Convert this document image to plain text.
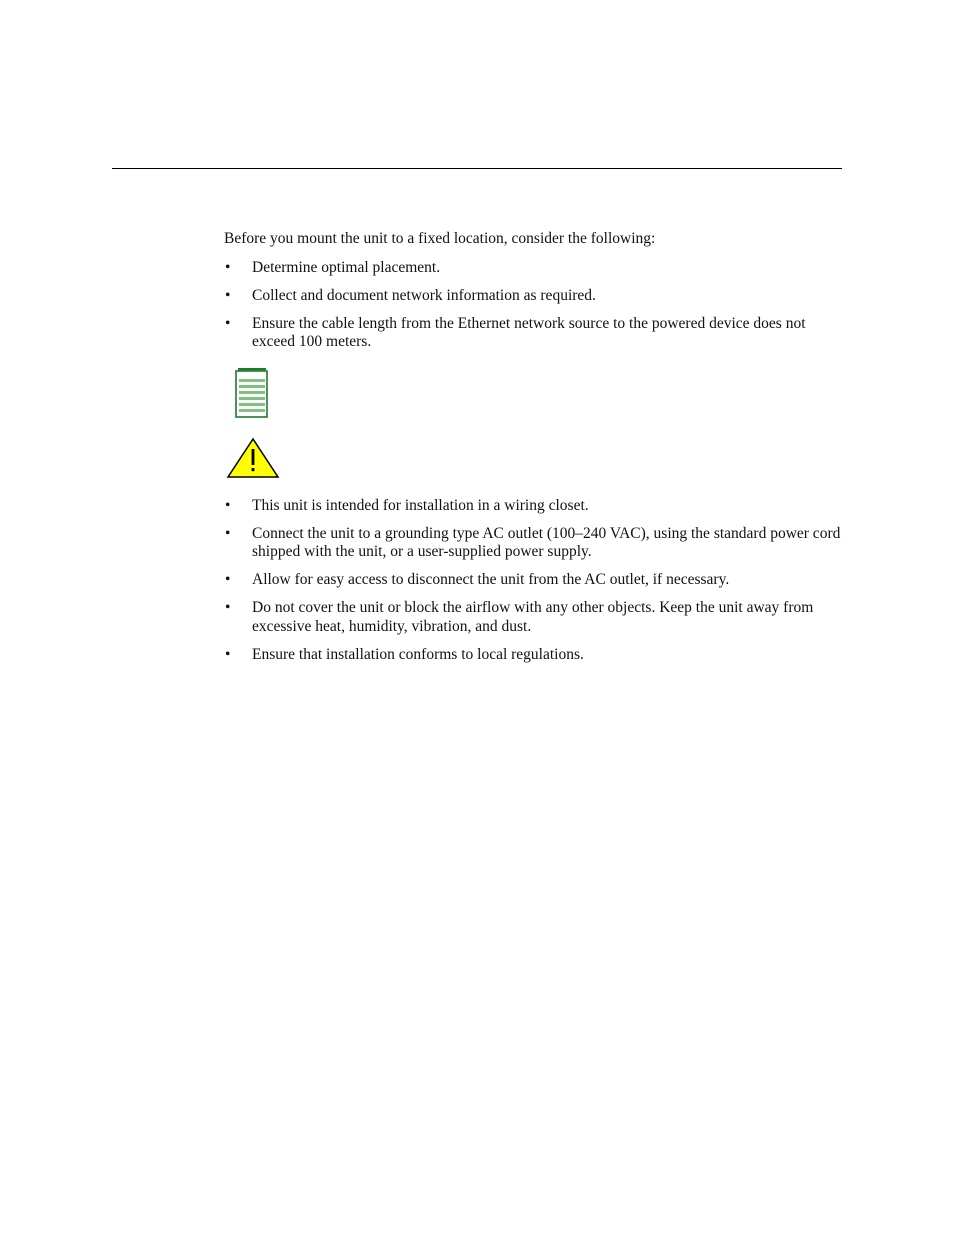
Before you mount the unit to a fixed location, consider the following:

• Determine optimal placement.
• Collect and document network information as required.
• Ensure the cable length from the Ethernet network source to the powered device does not exceed 100 meters.
• This unit is intended for installation in a wiring closet.
• Connect the unit to a grounding type AC outlet (100–240 VAC), using the standard power cord shipped with the unit, or a user-supplied power supply.
• Allow for easy access to disconnect the unit from the AC outlet, if necessary.
• Do not cover the unit or block the airflow with any other objects. Keep the unit away from excessive heat, humidity, vibration, and dust.
• Ensure that installation conforms to local regulations.
